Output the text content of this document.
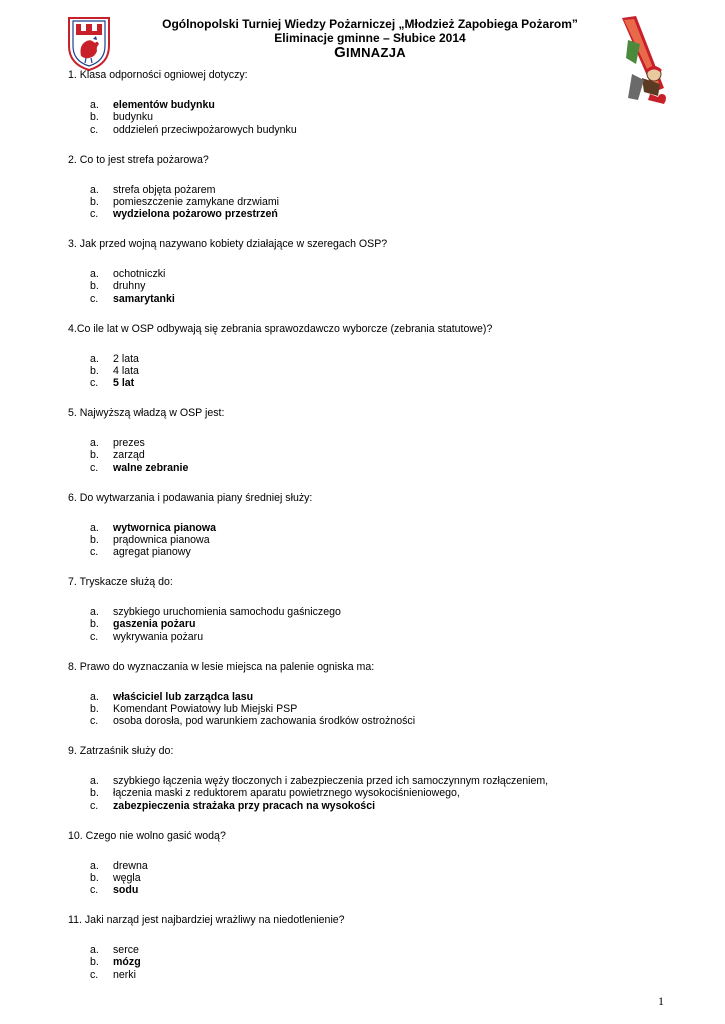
Ogólnopolski Turniej Wiedzy Pożarniczej „Młodzież Zapobiega Pożarom”
Eliminacje gminne – Słubice 2014
GIMNAZJA
1. Klasa odporności ogniowej dotyczy:
a.	elementów budynku
b.	budynku
c.	oddzieleń przeciwpożarowych budynku
2. Co to jest strefa pożarowa?
a.	strefa objęta pożarem
b.	pomieszczenie zamykane drzwiami
c.	wydzielona pożarowo przestrzeń
3. Jak przed wojną nazywano kobiety działające w szeregach OSP?
a.	ochotniczki
b.	druhny
c.	samarytanki
4.Co ile lat w OSP odbywają się zebrania sprawozdawczo wyborcze (zebrania statutowe)?
a.	2 lata
b.	4 lata
c.	5 lat
5. Najwyższą władzą w OSP jest:
a.	prezes
b.	zarząd
c.	walne zebranie
6. Do wytwarzania i podawania piany średniej służy:
a.	wytwornica pianowa
b.	prądownica pianowa
c.	agregat pianowy
7. Tryskacze służą do:
a.	szybkiego uruchomienia samochodu gaśniczego
b.	gaszenia pożaru
c.	wykrywania pożaru
8. Prawo do wyznaczania w lesie miejsca na palenie ogniska ma:
a.	właściciel lub zarządca lasu
b.	Komendant Powiatowy lub Miejski PSP
c.	osoba dorosła, pod warunkiem zachowania środków ostrożności
9. Zatrzaśnik służy do:
a.	szybkiego łączenia węży tłoczonych i zabezpieczenia przed ich samoczynnym rozłączeniem,
b.	łączenia maski z reduktorem aparatu powietrznego wysokociśnieniowego,
c.	zabezpieczenia strażaka przy pracach na wysokości
10. Czego nie wolno gasić wodą?
a.	drewna
b.	węgla
c.	sodu
11. Jaki narząd jest najbardziej wrażliwy na niedotlenienie?
a.	serce
b.	mózg
c.	nerki
1
